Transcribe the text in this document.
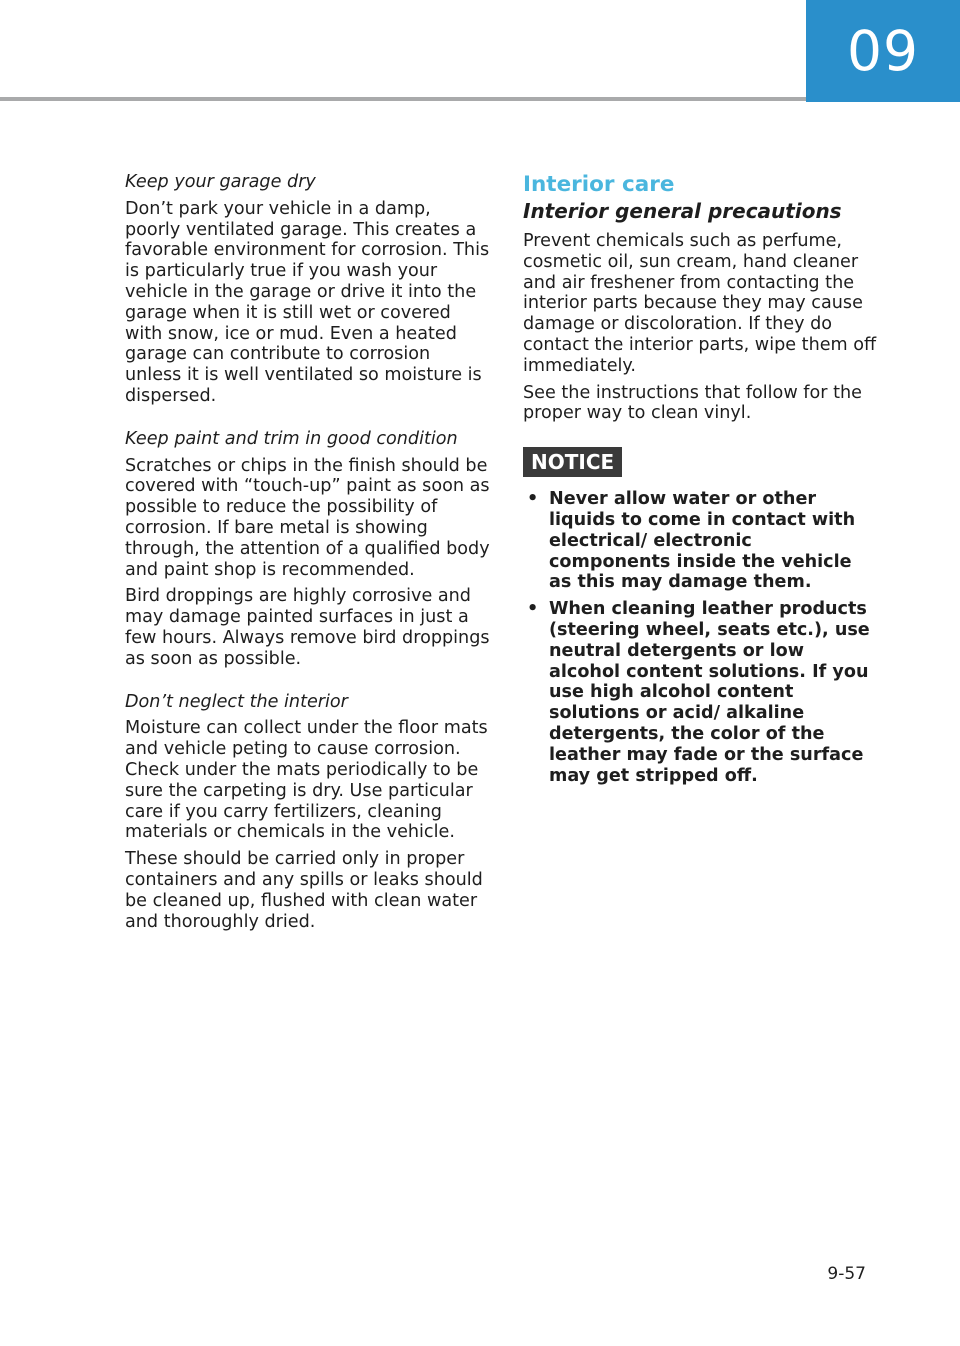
09

Keep your garage dry

Don’t park your vehicle in a damp, poorly ventilated garage. This creates a favorable environment for corrosion. This is particularly true if you wash your vehicle in the garage or drive it into the garage when it is still wet or covered with snow, ice or mud. Even a heated garage can contribute to corrosion unless it is well ventilated so moisture is dispersed.

Keep paint and trim in good condition

Scratches or chips in the finish should be covered with “touch-up” paint as soon as possible to reduce the possibility of corrosion. If bare metal is showing through, the attention of a qualified body and paint shop is recommended.

Bird droppings are highly corrosive and may damage painted surfaces in just a few hours. Always remove bird droppings as soon as possible.

Don’t neglect the interior

Moisture can collect under the floor mats and vehicle peting to cause corrosion. Check under the mats periodically to be sure the carpeting is dry. Use particular care if you carry fertilizers, cleaning materials or chemicals in the vehicle.

These should be carried only in proper containers and any spills or leaks should be cleaned up, flushed with clean water and thoroughly dried.

Interior care
Interior general precautions

Prevent chemicals such as perfume, cosmetic oil, sun cream, hand cleaner and air freshener from contacting the interior parts because they may cause damage or discoloration. If they do contact the interior parts, wipe them off immediately.

See the instructions that follow for the proper way to clean vinyl.

NOTICE
• Never allow water or other liquids to come in contact with electrical/ electronic components inside the vehicle as this may damage them.
• When cleaning leather products (steering wheel, seats etc.), use neutral detergents or low alcohol content solutions. If you use high alcohol content solutions or acid/ alkaline detergents, the color of the leather may fade or the surface may get stripped off.
9-57
